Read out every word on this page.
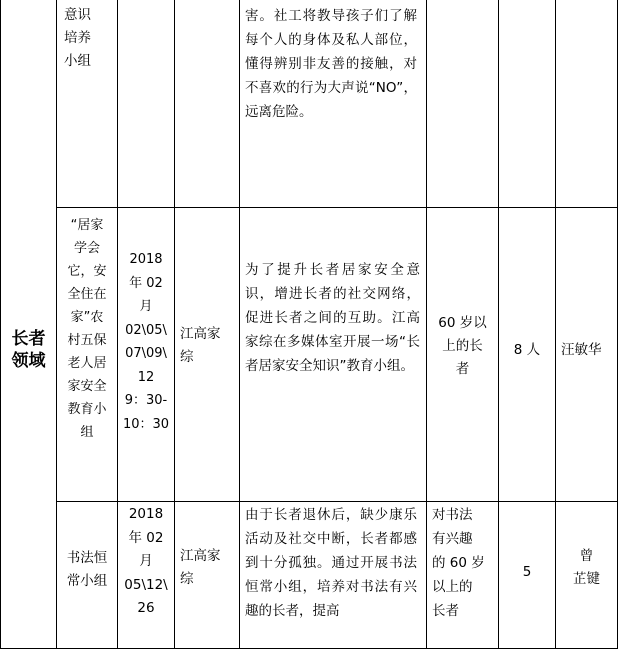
意识
培养
小组
害。社工将教导孩子们了解每个人的身体及私人部位，懂得辨别非友善的接触，对不喜欢的行为大声说“NO”，远离危险。
长者
领域
“居家
学会
它，安
全住在
家”农
村五保
老人居
家安全
教育小
组
2018
年 02
月
02\05\
07\09\
12
9：30-
10：30
江高家
综
为了提升长者居家安全意识，增进长者的社交网络，促进长者之间的互助。江高家综在多媒体室开展一场“长者居家安全知识”教育小组。
60 岁以
上的长
者
8 人	汪敏华
书法恒
常小组
2018
年 02
月
05\12\
26
江高家
综
由于长者退休后，缺少康乐活动及社交中断，长者都感到十分孤独。通过开展书法恒常小组，培养对书法有兴趣的长者，提高
对书法
有兴趣
的 60 岁
以上的
长者
5
曾
芷键
